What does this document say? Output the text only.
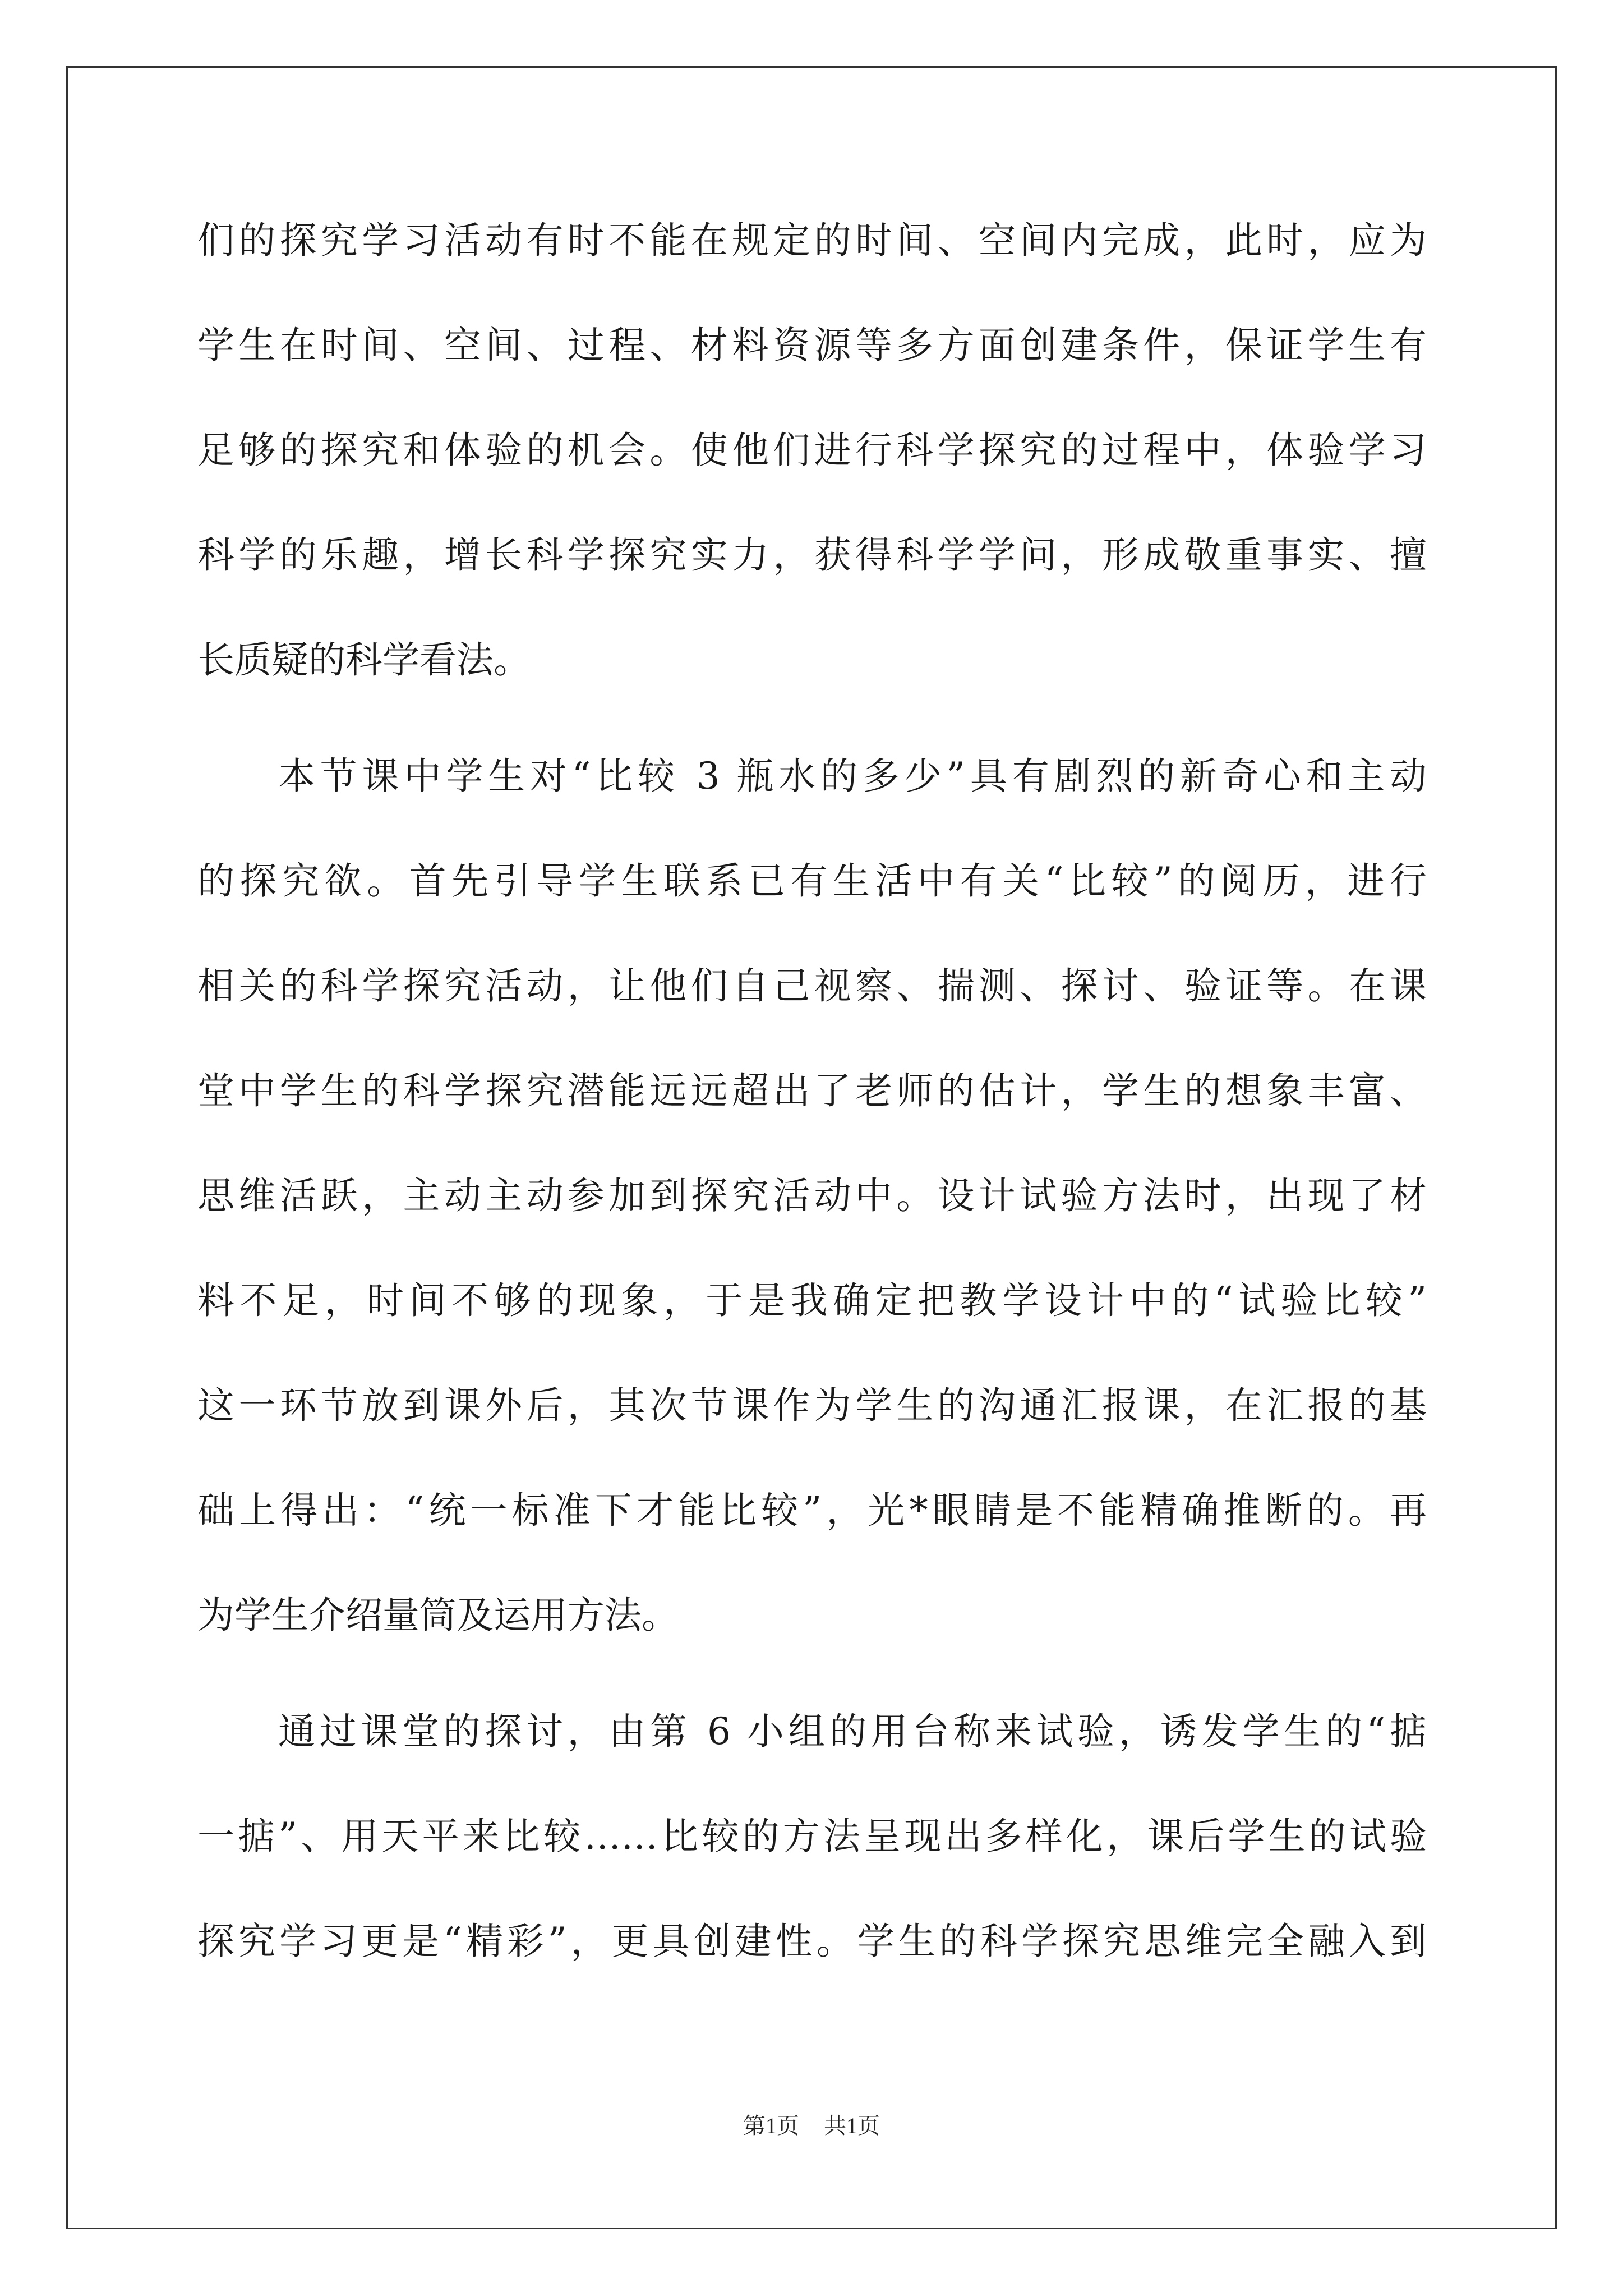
们的探究学习活动有时不能在规定的时间、空间内完成，此时，应为
学生在时间、空间、过程、材料资源等多方面创建条件，保证学生有
足够的探究和体验的机会。使他们进行科学探究的过程中，体验学习
科学的乐趣，增长科学探究实力，获得科学学问，形成敬重事实、擅
长质疑的科学看法。
本节课中学生对“比较 3 瓶水的多少”具有剧烈的新奇心和主动
的探究欲。首先引导学生联系已有生活中有关“比较”的阅历，进行
相关的科学探究活动，让他们自己视察、揣测、探讨、验证等。在课
堂中学生的科学探究潜能远远超出了老师的估计，学生的想象丰富、
思维活跃，主动主动参加到探究活动中。设计试验方法时，出现了材
料不足，时间不够的现象，于是我确定把教学设计中的“试验比较”
这一环节放到课外后，其次节课作为学生的沟通汇报课，在汇报的基
础上得出：“统一标准下才能比较”，光*眼睛是不能精确推断的。再
为学生介绍量筒及运用方法。
通过课堂的探讨，由第 6 小组的用台称来试验，诱发学生的“掂
一掂”、用天平来比较……比较的方法呈现出多样化，课后学生的试验
探究学习更是“精彩”，更具创建性。学生的科学探究思维完全融入到
第1页 共1页
